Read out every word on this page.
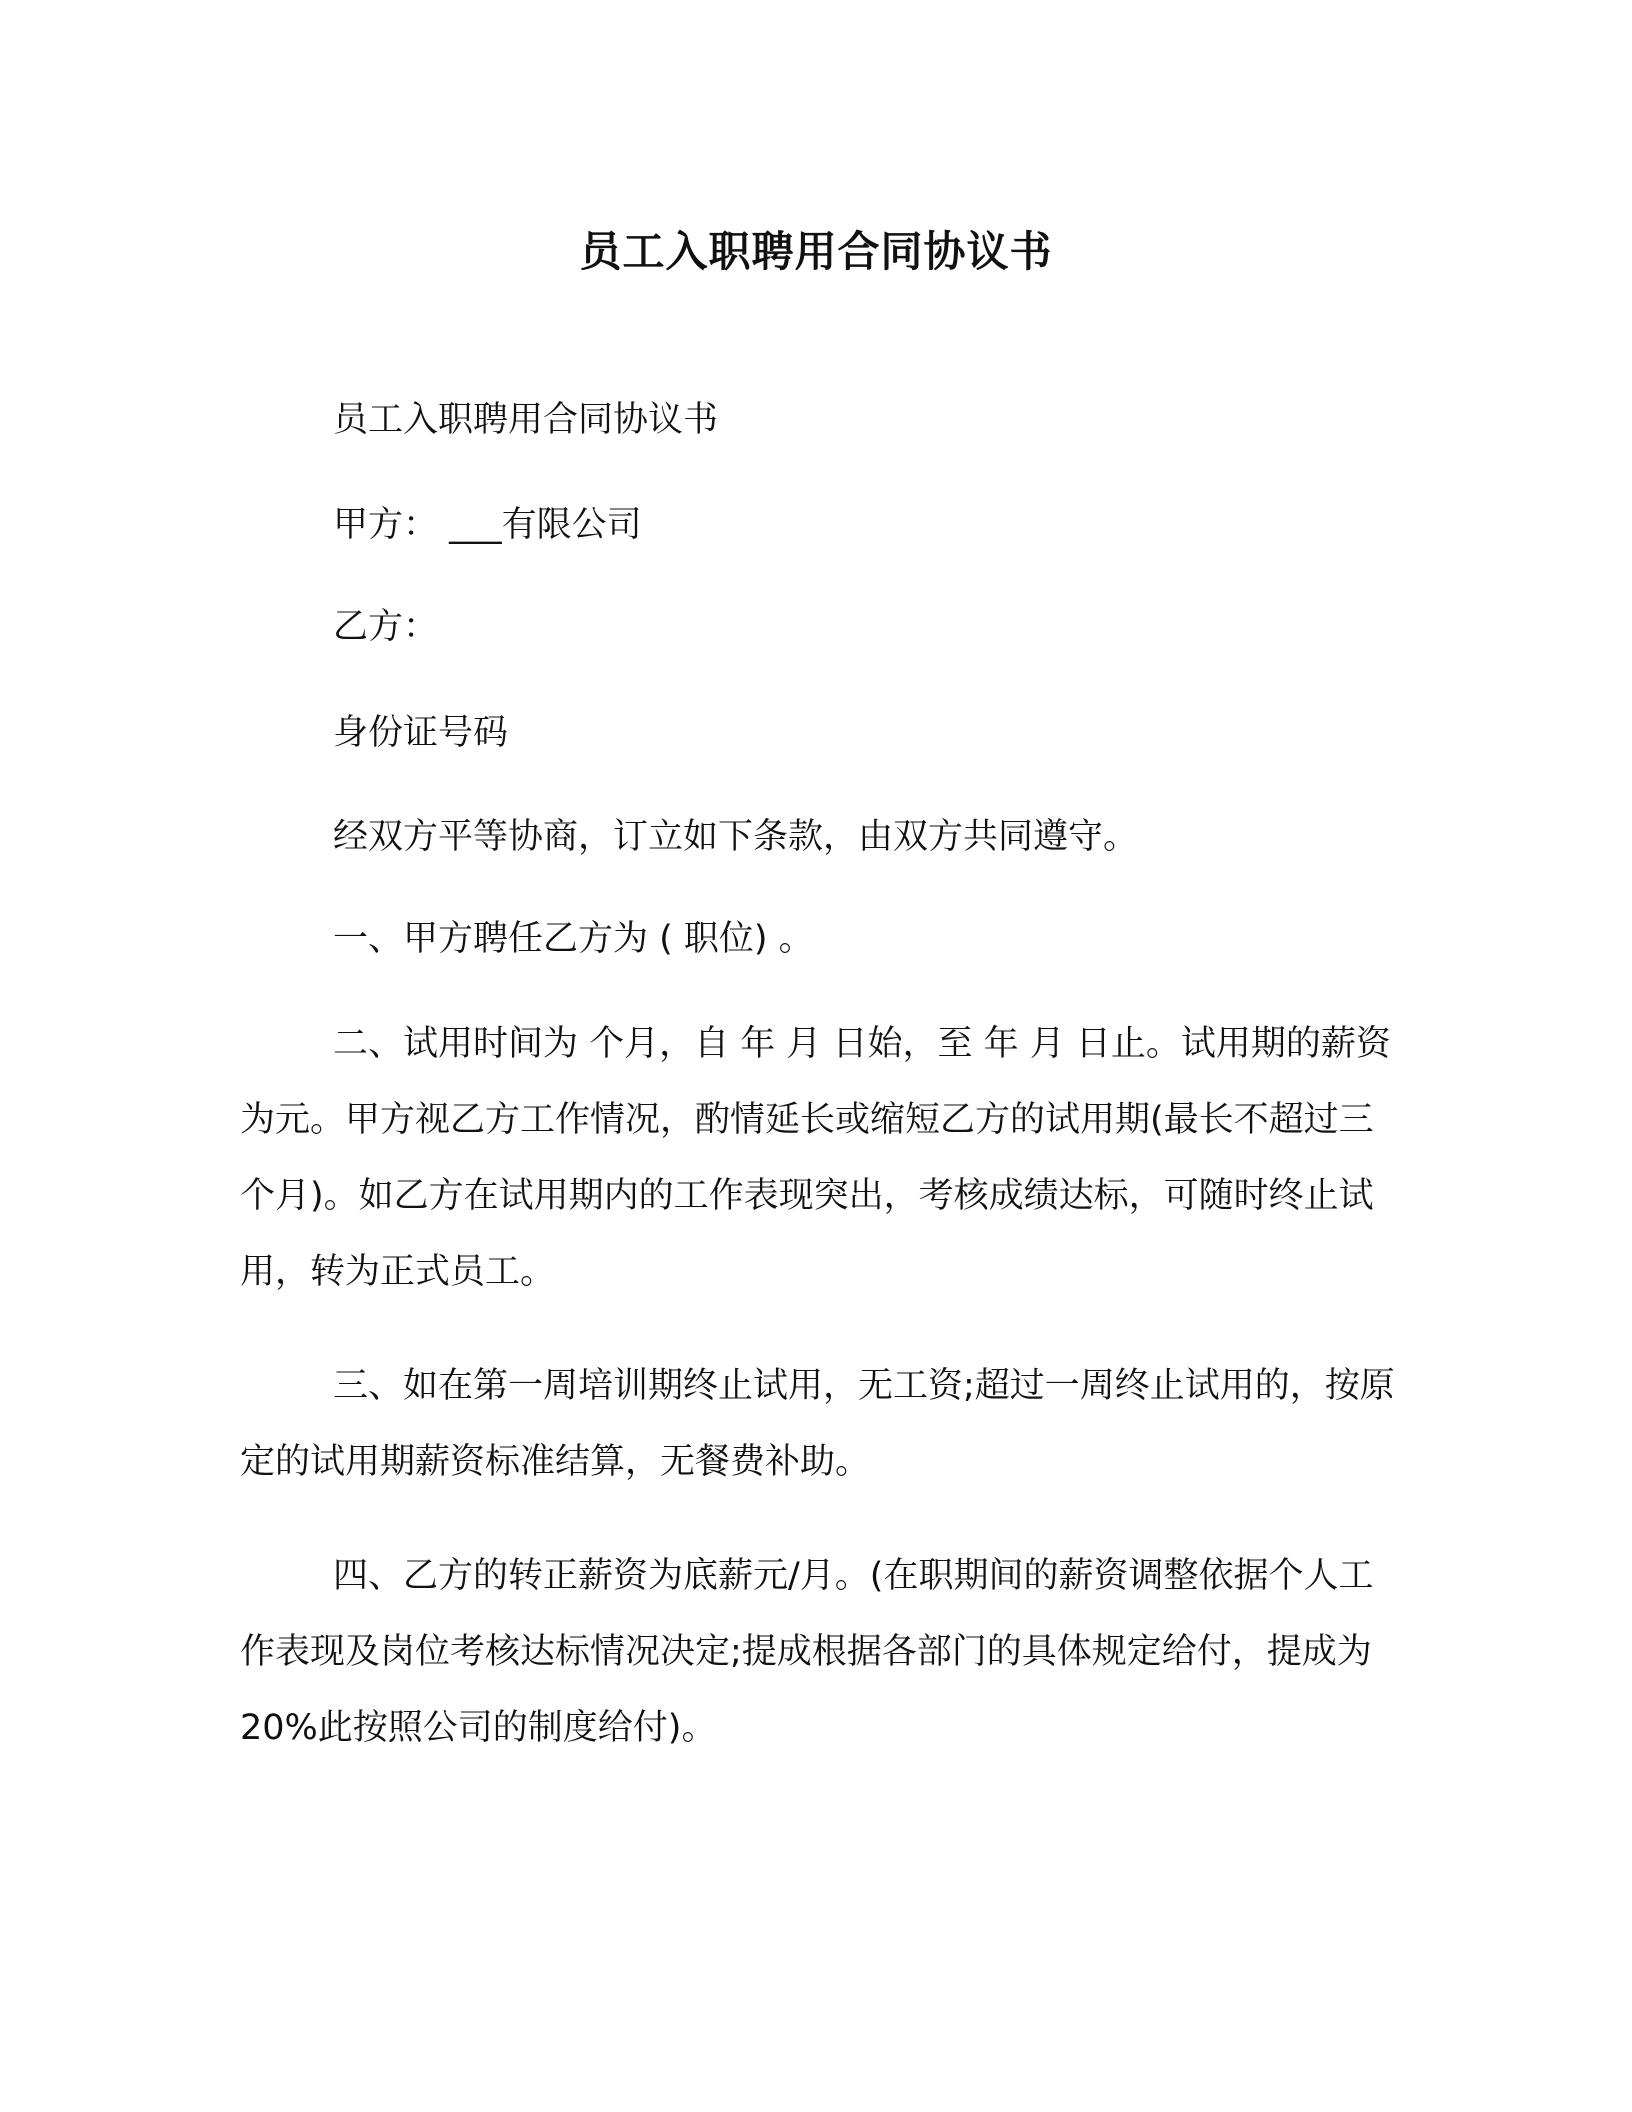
员工入职聘用合同协议书
员工入职聘用合同协议书
甲方： ___有限公司
乙方：
身份证号码
经双方平等协商，订立如下条款，由双方共同遵守。
一、甲方聘任乙方为 ( 职位) 。

二、试用时间为 个月，自 年 月 日始，至 年 月 日止。试用期的薪资为元。甲方视乙方工作情况，酌情延长或缩短乙方的试用期(最长不超过三个月)。如乙方在试用期内的工作表现突出，考核成绩达标，可随时终止试用，转为正式员工。

三、如在第一周培训期终止试用，无工资;超过一周终止试用的，按原定的试用期薪资标准结算，无餐费补助。

四、乙方的转正薪资为底薪元/月。(在职期间的薪资调整依据个人工作表现及岗位考核达标情况决定;提成根据各部门的具体规定给付，提成为 20%此按照公司的制度给付)。
